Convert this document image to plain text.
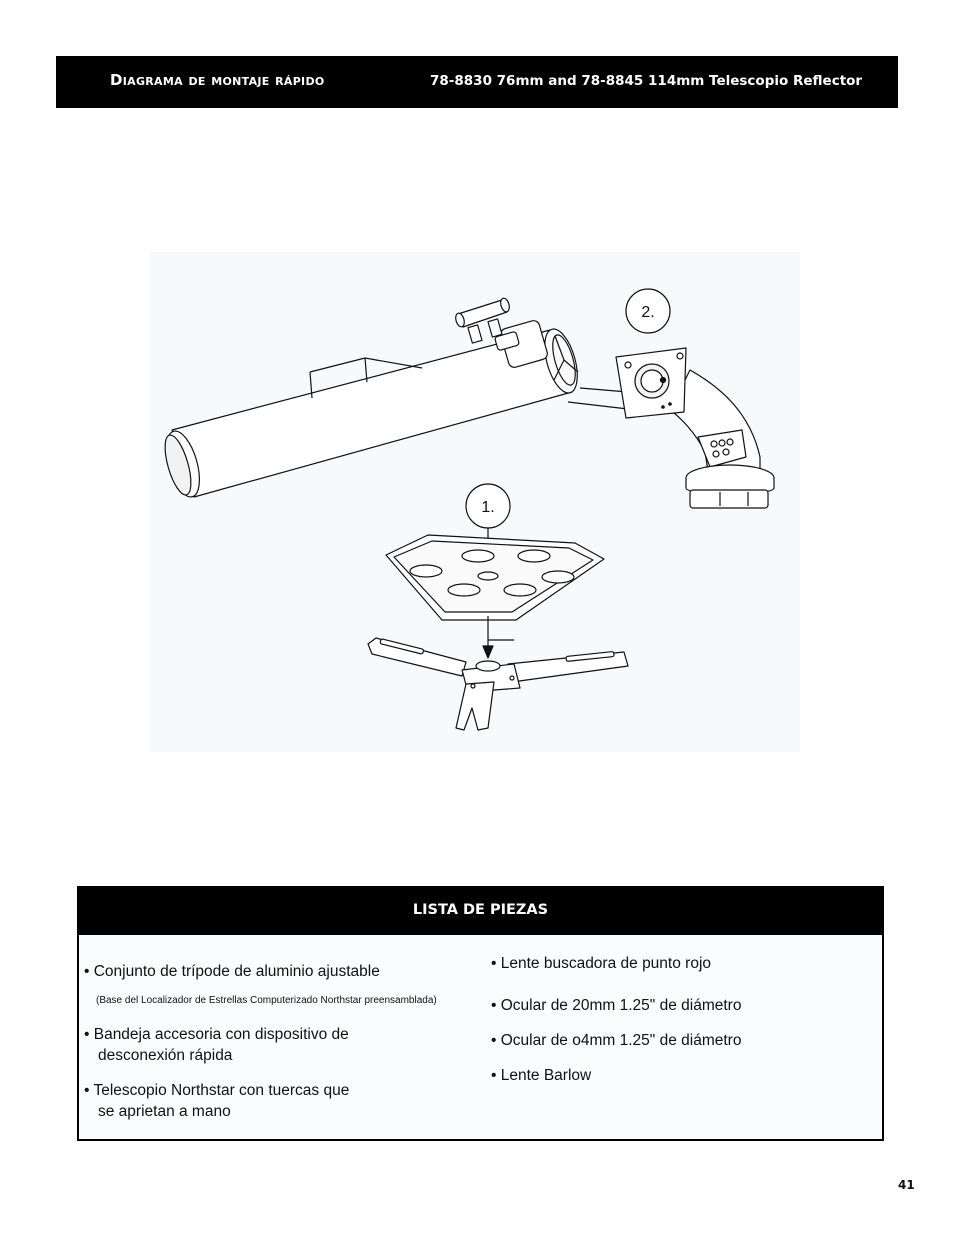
Diagrama de montaje rápido	78-8830 76mm and 78-8845 114mm Telescopio Reflector
2.
1.
LISTA DE PIEZAS
• Conjunto de trípode de aluminio ajustable
(Base del Localizador de Estrellas Computerizado Northstar preensamblada)
• Bandeja accesoria con dispositivo de
desconexión rápida
• Telescopio Northstar con tuercas que
se aprietan a mano
• Lente buscadora de punto rojo
• Ocular de 20mm 1.25" de diámetro
• Ocular de o4mm 1.25" de diámetro
• Lente Barlow
41
